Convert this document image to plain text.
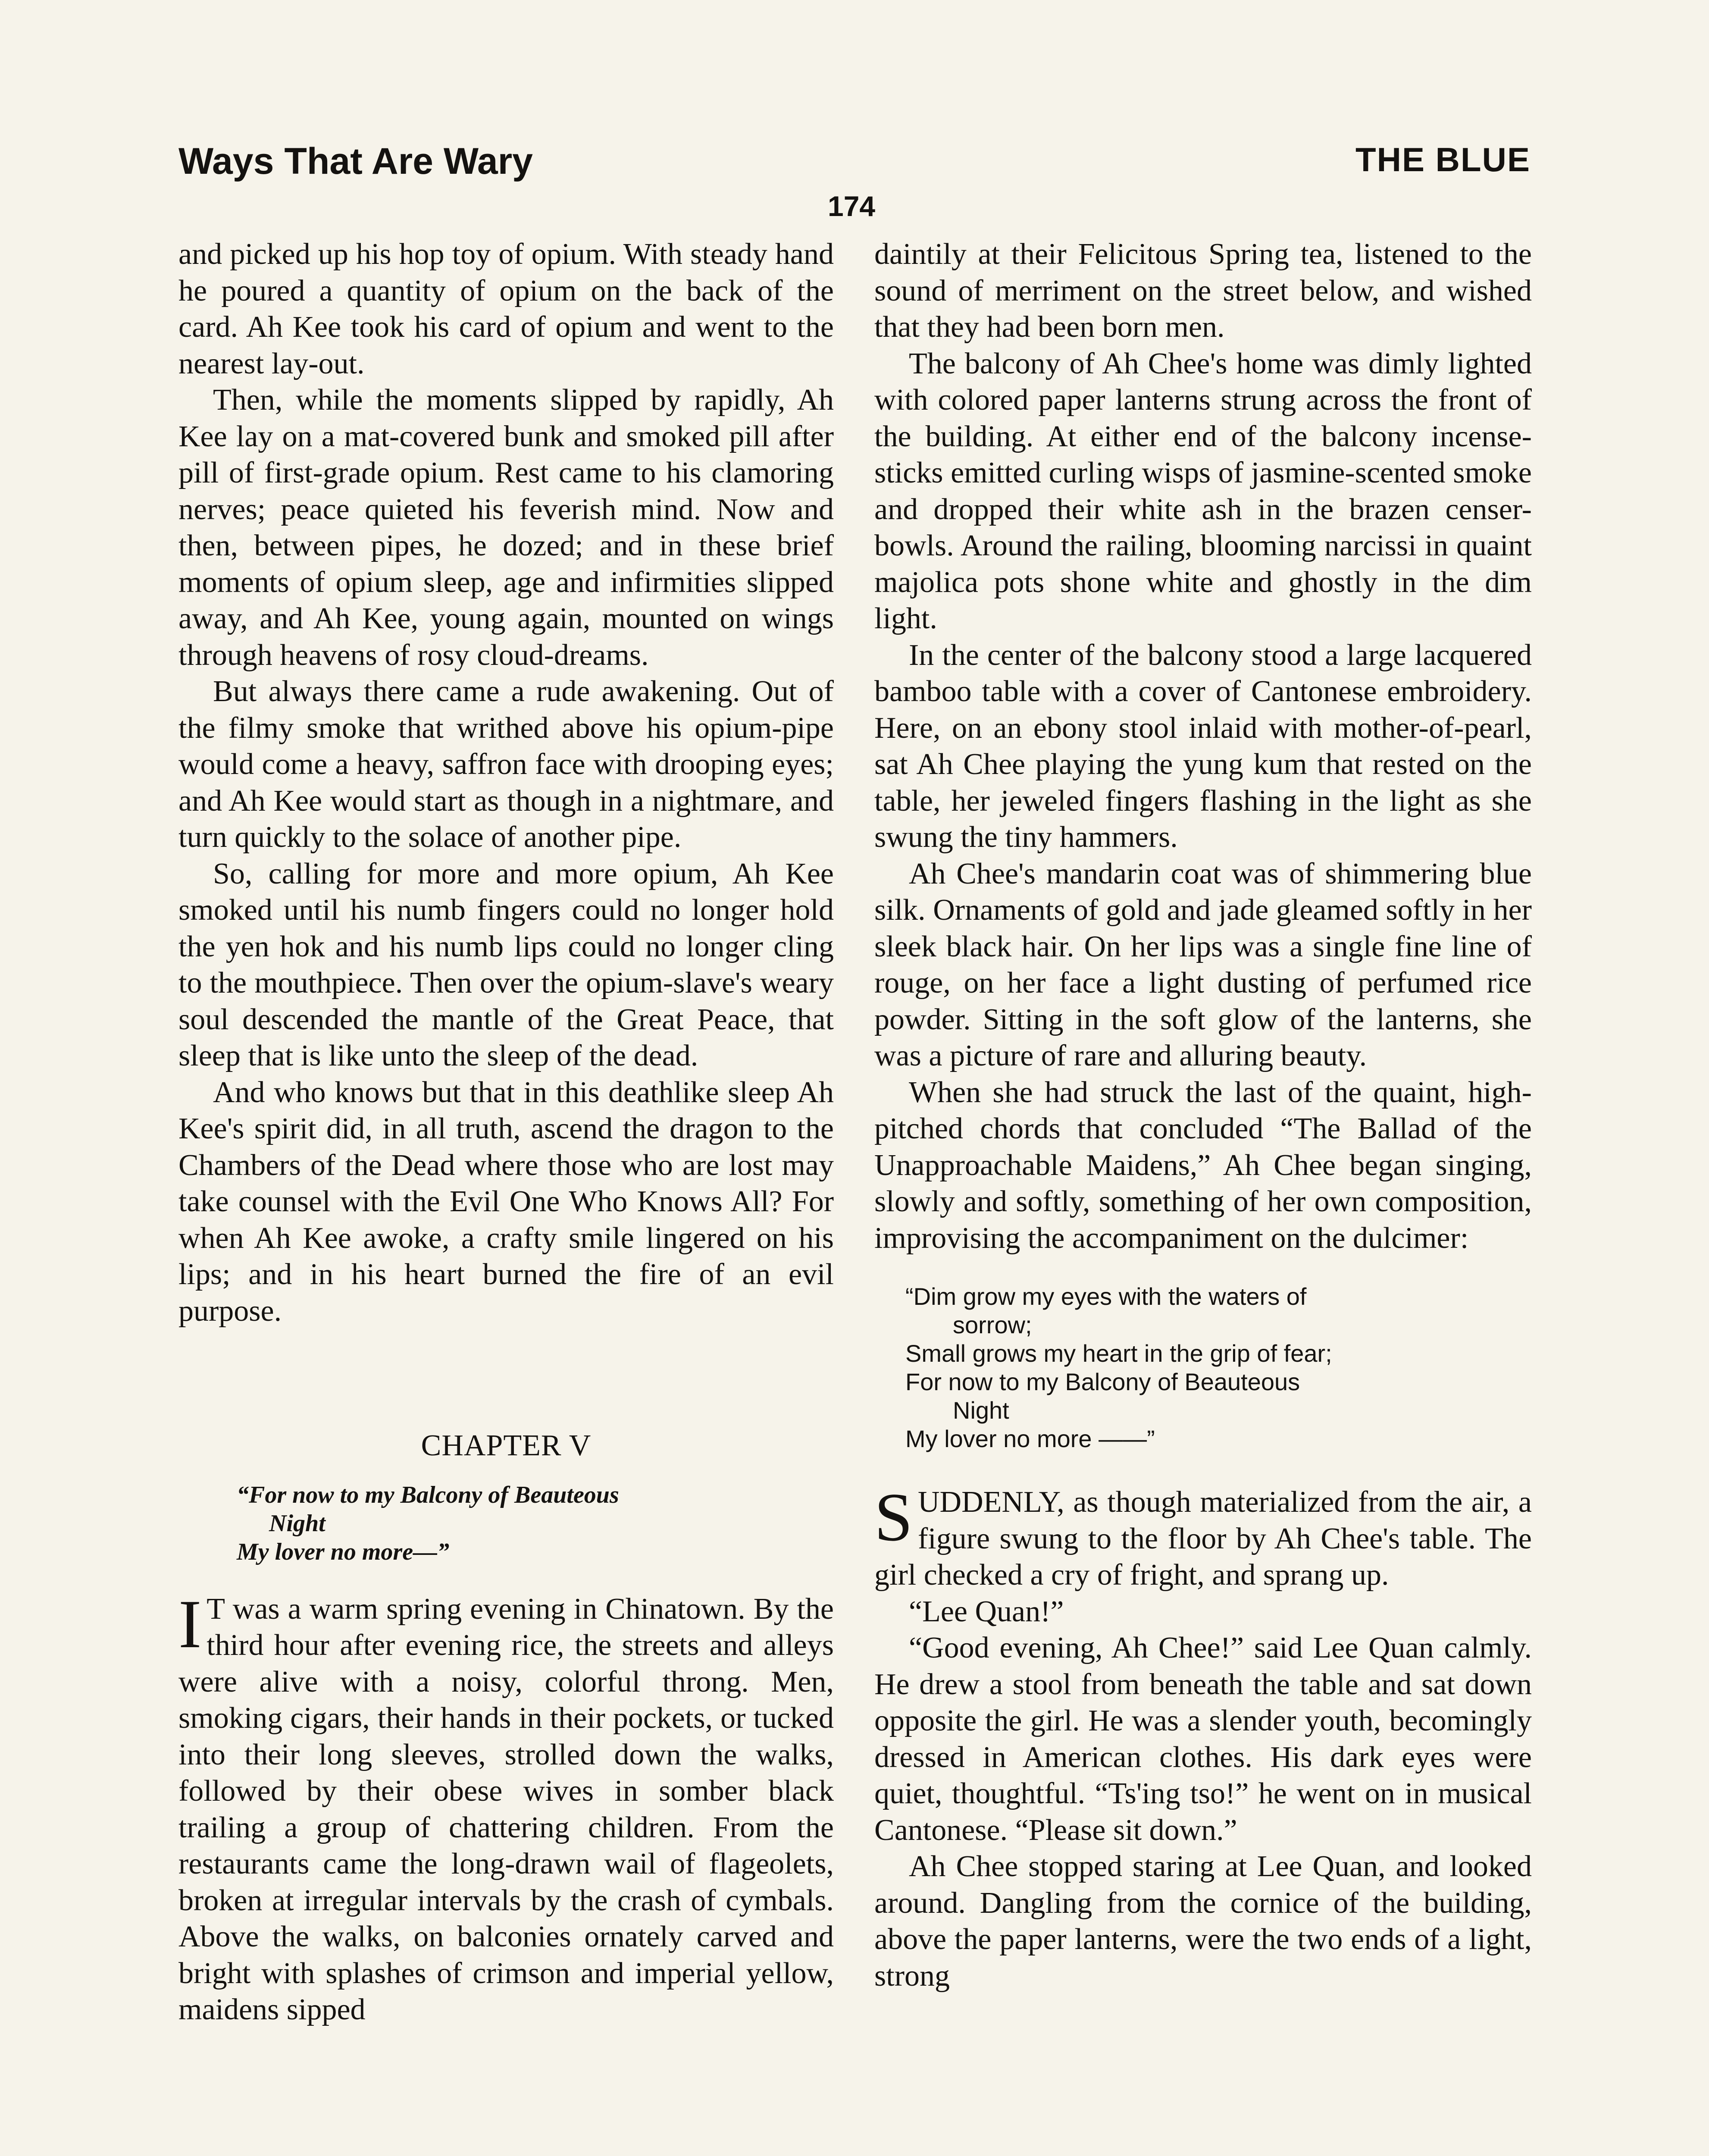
Ways That Are Wary	THE BLUE
174

and picked up his hop toy of opium. With steady hand he poured a quantity of opium on the back of the card. Ah Kee took his card of opium and went to the nearest lay-out.

Then, while the moments slipped by rapidly, Ah Kee lay on a mat-covered bunk and smoked pill after pill of first-grade opium. Rest came to his clamoring nerves; peace quieted his feverish mind. Now and then, between pipes, he dozed; and in these brief moments of opium sleep, age and infirmities slipped away, and Ah Kee, young again, mounted on wings through heavens of rosy cloud-dreams.

But always there came a rude awakening. Out of the filmy smoke that writhed above his opium-pipe would come a heavy, saffron face with drooping eyes; and Ah Kee would start as though in a nightmare, and turn quickly to the solace of another pipe.

So, calling for more and more opium, Ah Kee smoked until his numb fingers could no longer hold the yen hok and his numb lips could no longer cling to the mouthpiece. Then over the opium-slave's weary soul descended the mantle of the Great Peace, that sleep that is like unto the sleep of the dead.

And who knows but that in this deathlike sleep Ah Kee's spirit did, in all truth, ascend the dragon to the Chambers of the Dead where those who are lost may take counsel with the Evil One Who Knows All? For when Ah Kee awoke, a crafty smile lingered on his lips; and in his heart burned the fire of an evil purpose.

CHAPTER V
“For now to my Balcony of Beauteous
Night
My lover no more—”

I T was a warm spring evening in Chinatown. By the third hour after evening rice, the streets and alleys were alive with a noisy, colorful throng. Men, smoking cigars, their hands in their pockets, or tucked into their long sleeves, strolled down the walks, followed by their obese wives in somber black trailing a group of chattering children. From the restaurants came the long-drawn wail of flageolets, broken at irregular intervals by the crash of cymbals. Above the walks, on balconies ornately carved and bright with splashes of crimson and imperial yellow, maidens sipped

daintily at their Felicitous Spring tea, listened to the sound of merriment on the street below, and wished that they had been born men.

The balcony of Ah Chee's home was dimly lighted with colored paper lanterns strung across the front of the building. At either end of the balcony incense-sticks emitted curling wisps of jasmine-scented smoke and dropped their white ash in the brazen censer-bowls. Around the railing, blooming narcissi in quaint majolica pots shone white and ghostly in the dim light.

In the center of the balcony stood a large lacquered bamboo table with a cover of Cantonese embroidery. Here, on an ebony stool inlaid with mother-of-pearl, sat Ah Chee playing the yung kum that rested on the table, her jeweled fingers flashing in the light as she swung the tiny hammers.

Ah Chee's mandarin coat was of shimmering blue silk. Ornaments of gold and jade gleamed softly in her sleek black hair. On her lips was a single fine line of rouge, on her face a light dusting of perfumed rice powder. Sitting in the soft glow of the lanterns, she was a picture of rare and alluring beauty.

When she had struck the last of the quaint, high-pitched chords that concluded “The Ballad of the Unapproachable Maidens,” Ah Chee began singing, slowly and softly, something of her own composition, improvising the accompaniment on the dulcimer:

“Dim grow my eyes with the waters of
sorrow;
Small grows my heart in the grip of fear;
For now to my Balcony of Beauteous
Night
My lover no more ——”

SUDDENLY, as though materialized from the air, a figure swung to the floor by Ah Chee's table. The girl checked a cry of fright, and sprang up.

“Lee Quan!”

“Good evening, Ah Chee!” said Lee Quan calmly. He drew a stool from beneath the table and sat down opposite the girl. He was a slender youth, becomingly dressed in American clothes. His dark eyes were quiet, thoughtful. “Ts'ing tso!” he went on in musical Cantonese. “Please sit down.”

Ah Chee stopped staring at Lee Quan, and looked around. Dangling from the cornice of the building, above the paper lanterns, were the two ends of a light, strong
